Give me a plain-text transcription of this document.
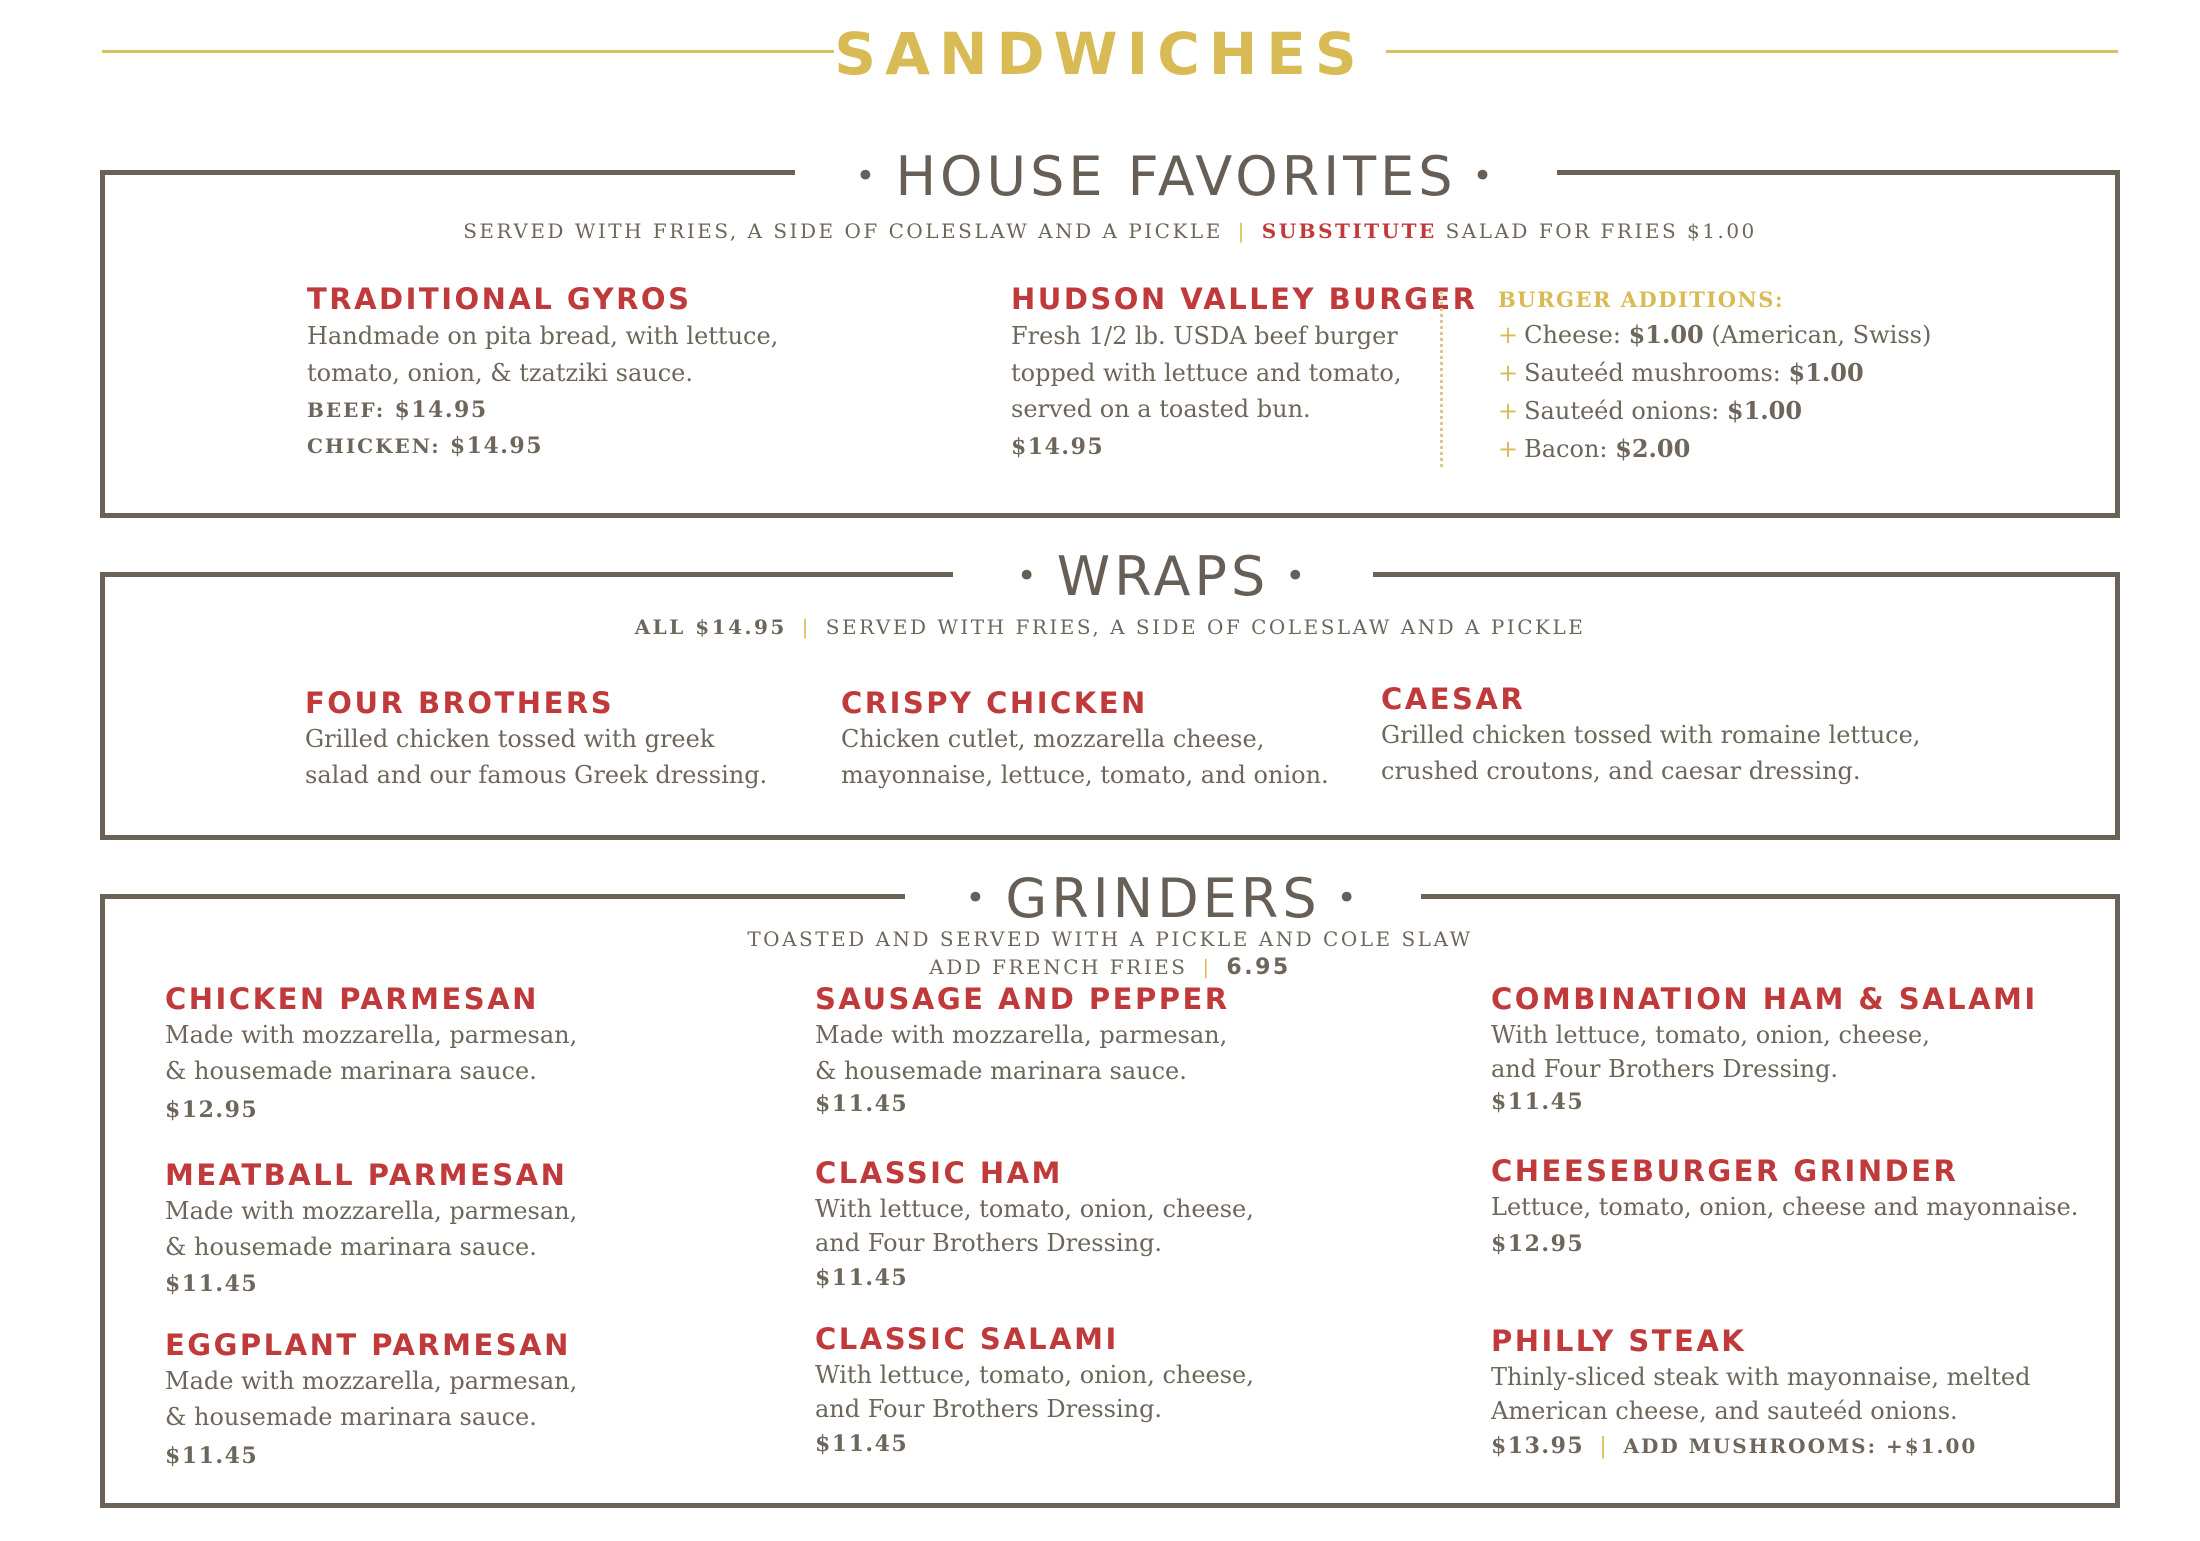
SANDWICHES
• HOUSE FAVORITES •
SERVED WITH FRIES, A SIDE OF COLESLAW AND A PICKLE | SUBSTITUTE SALAD FOR FRIES $1.00
TRADITIONAL GYROS
Handmade on pita bread, with lettuce,
tomato, onion, & tzatziki sauce.
BEEF: $14.95
CHICKEN: $14.95
HUDSON VALLEY BURGER
Fresh 1/2 lb. USDA beef burger
topped with lettuce and tomato,
served on a toasted bun.
$14.95
BURGER ADDITIONS:
+ Cheese: $1.00 (American, Swiss)
+ Sauteéd mushrooms: $1.00
+ Sauteéd onions: $1.00
+ Bacon: $2.00
• WRAPS •
ALL $14.95 | SERVED WITH FRIES, A SIDE OF COLESLAW AND A PICKLE
FOUR BROTHERS
Grilled chicken tossed with greek
salad and our famous Greek dressing.
CRISPY CHICKEN
Chicken cutlet, mozzarella cheese,
mayonnaise, lettuce, tomato, and onion.
CAESAR
Grilled chicken tossed with romaine lettuce,
crushed croutons, and caesar dressing.
• GRINDERS •
TOASTED AND SERVED WITH A PICKLE AND COLE SLAW
ADD FRENCH FRIES | 6.95
CHICKEN PARMESAN
Made with mozzarella, parmesan,
& housemade marinara sauce.
$12.95
MEATBALL PARMESAN
Made with mozzarella, parmesan,
& housemade marinara sauce.
$11.45
EGGPLANT PARMESAN
Made with mozzarella, parmesan,
& housemade marinara sauce.
$11.45
SAUSAGE AND PEPPER
Made with mozzarella, parmesan,
& housemade marinara sauce.
$11.45
CLASSIC HAM
With lettuce, tomato, onion, cheese,
and Four Brothers Dressing.
$11.45
CLASSIC SALAMI
With lettuce, tomato, onion, cheese,
and Four Brothers Dressing.
$11.45
COMBINATION HAM & SALAMI
With lettuce, tomato, onion, cheese,
and Four Brothers Dressing.
$11.45
CHEESEBURGER GRINDER
Lettuce, tomato, onion, cheese and mayonnaise.
$12.95
PHILLY STEAK
Thinly-sliced steak with mayonnaise, melted
American cheese, and sauteéd onions.
$13.95 | ADD MUSHROOMS: +$1.00
